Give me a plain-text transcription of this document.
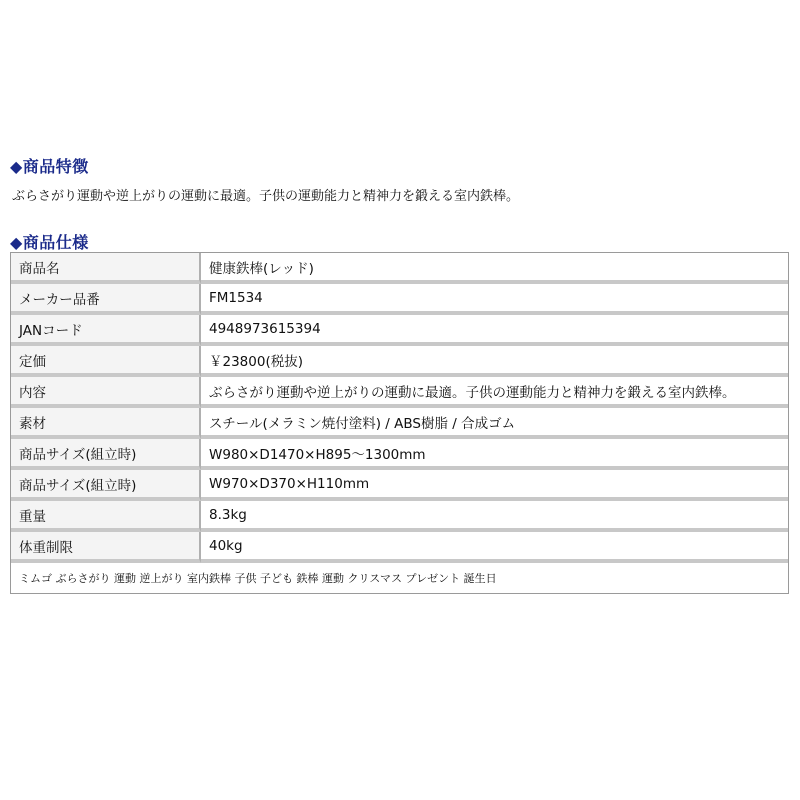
◆商品特徴
ぶらさがり運動や逆上がりの運動に最適。子供の運動能力と精神力を鍛える室内鉄棒。
◆商品仕様
商品名	健康鉄棒(レッド)
メーカー品番	FM1534
JANコード	4948973615394
定価	￥23800(税抜)
内容	ぶらさがり運動や逆上がりの運動に最適。子供の運動能力と精神力を鍛える室内鉄棒。
素材	スチール(メラミン焼付塗料) / ABS樹脂 / 合成ゴム
商品サイズ(組立時)	W980×D1470×H895～1300mm
商品サイズ(組立時)	W970×D370×H110mm
重量	8.3kg
体重制限	40kg
ミムゴ ぶらさがり 運動 逆上がり 室内鉄棒 子供 子ども 鉄棒 運動 クリスマス プレゼント 誕生日	
